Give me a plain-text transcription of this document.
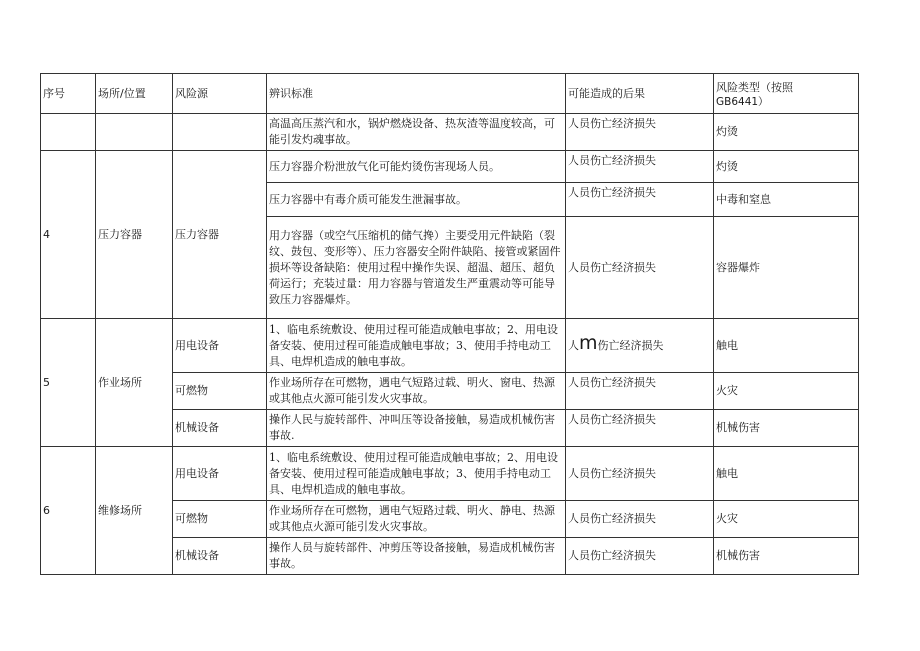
序号	场所/位置	风险源	辨识标准	可能造成的后果	风险类型（按照
GB6441）

			高温高压蒸汽和水，锅炉燃烧设备、热灰渣等温度较高，可能引发灼魂事故。	人员伤亡经济损失	灼烫
4	压力容器	压力容器	压力容器介粉泄放气化可能灼烫伤害现场人员。	人员伤亡经济损失	灼烫
			压力容器中有毒介质可能发生泄漏事故。	人员伤亡经济损失	中毒和窒息
			用力容器（或空气压缩机的储气搀）主要受用元件缺陷（裂纹、鼓包、变形等）、压力容器安全附件缺陷、接管或紧固件损坏等设备缺陷：使用过程中操作失误、超温、超压、超负荷运行；充装过量：用力容器与管道发生严重震动等可能导致压力容器爆炸。	人员伤亡经济损失	容器爆炸
5	作业场所	用电设备	1、临电系统敷设、使用过程可能造成触电事故；2、用电设备安装、使用过程可能造成触电事故；3、使用手持电动工具、电焊机造成的触电事故。	人m伤亡经济损失	触电
		可燃物	作业场所存在可燃物，遇电气短路过载、明火、窗电、热源或其他点火源可能引发火灾事故。	人员伤亡经济损失	火灾
		机械设备	操作人民与旋转部件、冲叫压等设备接触，易造成机械伤害事故.	人员伤亡经济损失	机械伤害
6	维修场所	用电设备	1、临电系统敷设、使用过程可能造成触电事故；2、用电设备安装、使用过程可能造成触电事故；3、使用手持电动工具、电焊机造成的触电事故。	人员伤亡经济损失	触电
		可燃物	作业场所存在可燃物，遇电气短路过载、明火、静电、热源或其他点火源可能引发火灾事故。	人员伤亡经济损失	火灾
		机械设备	操作人员与旋转部件、冲剪压等设备接触，易造成机械伤害事故。	人员伤亡经济损失	机械伤害
